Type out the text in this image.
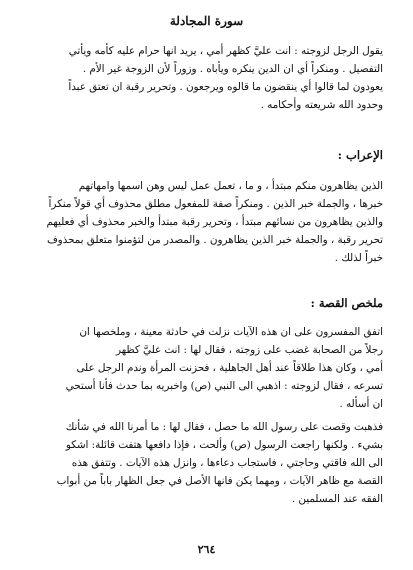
سورة المجادلة
يقول الرجل لزوجته : انت عليَّ كظهر أمي ، يريد انها حرام عليه كأمه ويأتي
التفصيل . ومنكراً أي ان الدين ينكره ويأباه . وزوراً لأن الزوجة غير الأم .
يعودون لما قالوا أي ينقضون ما قالوه ويرجعون . وتحرير رقبة ان تعتق عبداً
وحدود الله شريعته وأحكامه .
الإعراب :
الذين يظاهرون منكم مبتدأ ، و ما ، تعمل عمل ليس وهن اسمها وامهاتهم
خبرها ، والجملة خبر الذين . ومنكراً صفة للمفعول مطلق محذوف أي قولاً منكراً
والذين يظاهرون من نسائهم مبتدأ ، وتحرير رقبة مبتدأ والخبر محذوف أي فعليهم
تحرير رقبة ، والجملة خبر الذين يظاهرون . والمصدر من لتؤمنوا متعلق بمحذوف
خبراً لذلك .
ملخص القصة :
اتفق المفسرون على ان هذه الآيات نزلت في حادثة معينة ، وملخصها ان
رجلاً من الصحابة غضب على زوجته ، فقال لها : انت عليَّ كظهر
أمي ، وكان هذا طلاقاً عند أهل الجاهلية ، فحزنت المرأة وندم الرجل على
تسرعه ، فقال لزوجته : اذهبي الى النبي (ص) واخبريه بما حدث فأنا أستحي
ان أسأله .
فذهبت وقصت على رسول الله ما حصل ، فقال لها : ما أمرنا الله في شأنك
بشيء . ولكنها راجعت الرسول (ص) وألحت ، فإذا دافعها هتفت قائلة: اشكو
الى الله فاقتي وحاجتي ، فاستجاب دعاءها ، وانزل هذه الآيات . وتتفق هذه
القصة مع ظاهر الآيات ، ومهما يكن فانها الأصل في جعل الظهار باباً من أبواب
الفقه عند المسلمين .
٢٦٤
